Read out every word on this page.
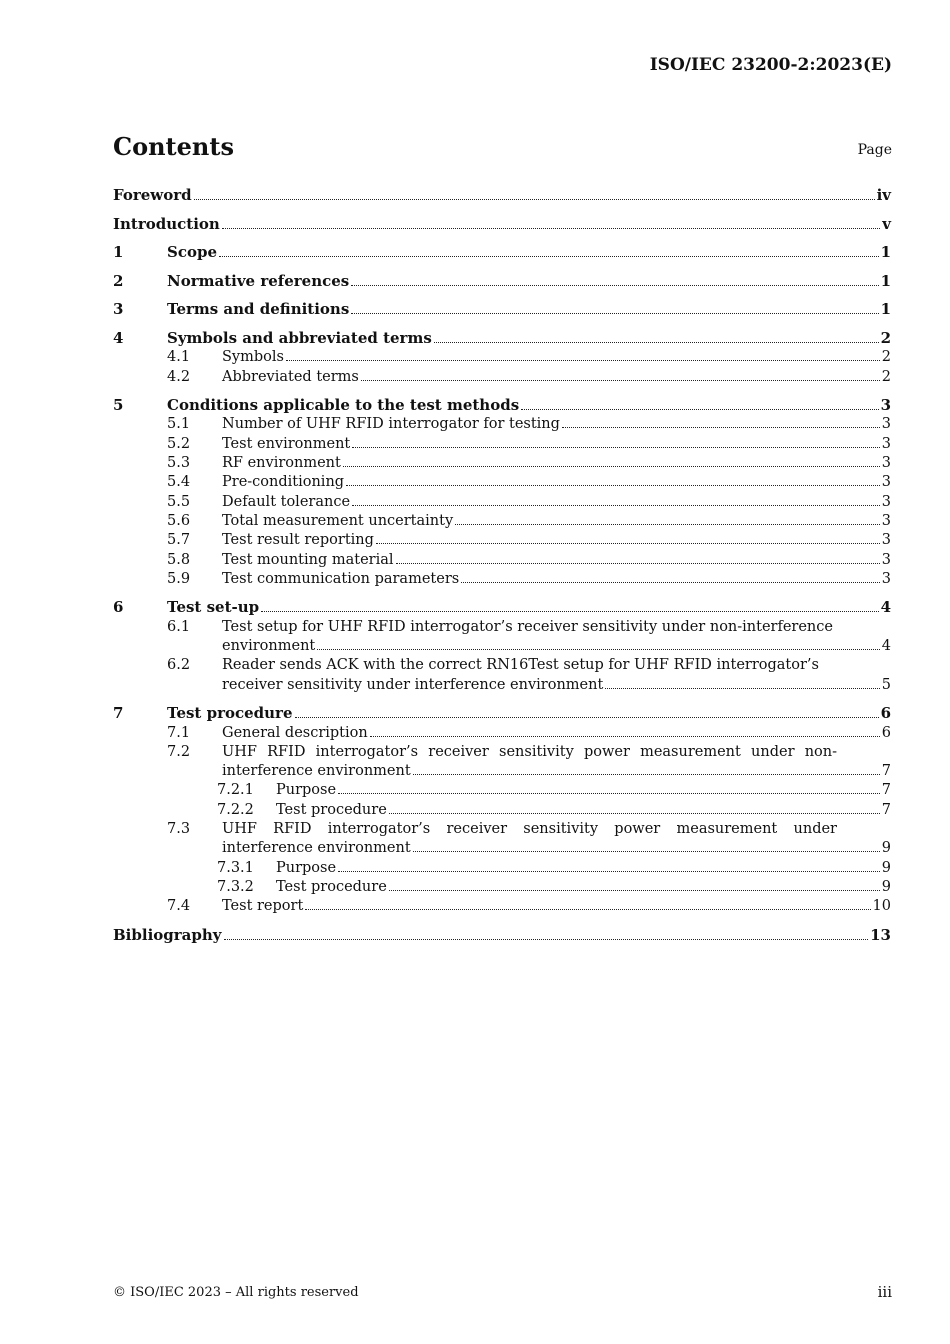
ISO/IEC 23200-2:2023(E)
Contents	Page
Foreword	iv
Introduction	v
1	Scope	1
2	Normative references	1
3	Terms and definitions	1
4	Symbols and abbreviated terms	2
4.1	Symbols	2
4.2	Abbreviated terms	2
5	Conditions applicable to the test methods	3
5.1	Number of UHF RFID interrogator for testing	3
5.2	Test environment	3
5.3	RF environment	3
5.4	Pre-conditioning	3
5.5	Default tolerance	3
5.6	Total measurement uncertainty	3
5.7	Test result reporting	3
5.8	Test mounting material	3
5.9	Test communication parameters	3
6	Test set-up	4
6.1	Test setup for UHF RFID interrogator’s receiver sensitivity under non-interference
environment	4
6.2	Reader sends ACK with the correct RN16Test setup for UHF RFID interrogator’s
receiver sensitivity under interference environment	5
7	Test procedure	6
7.1	General description	6
7.2	UHF RFID interrogator’s receiver sensitivity power measurement under non-
interference environment	7
7.2.1	Purpose	7
7.2.2	Test procedure	7
7.3	UHF RFID interrogator’s receiver sensitivity power measurement under
interference environment	9
7.3.1	Purpose	9
7.3.2	Test procedure	9
7.4	Test report	10
Bibliography	13
© ISO/IEC 2023 – All rights reserved	iii
